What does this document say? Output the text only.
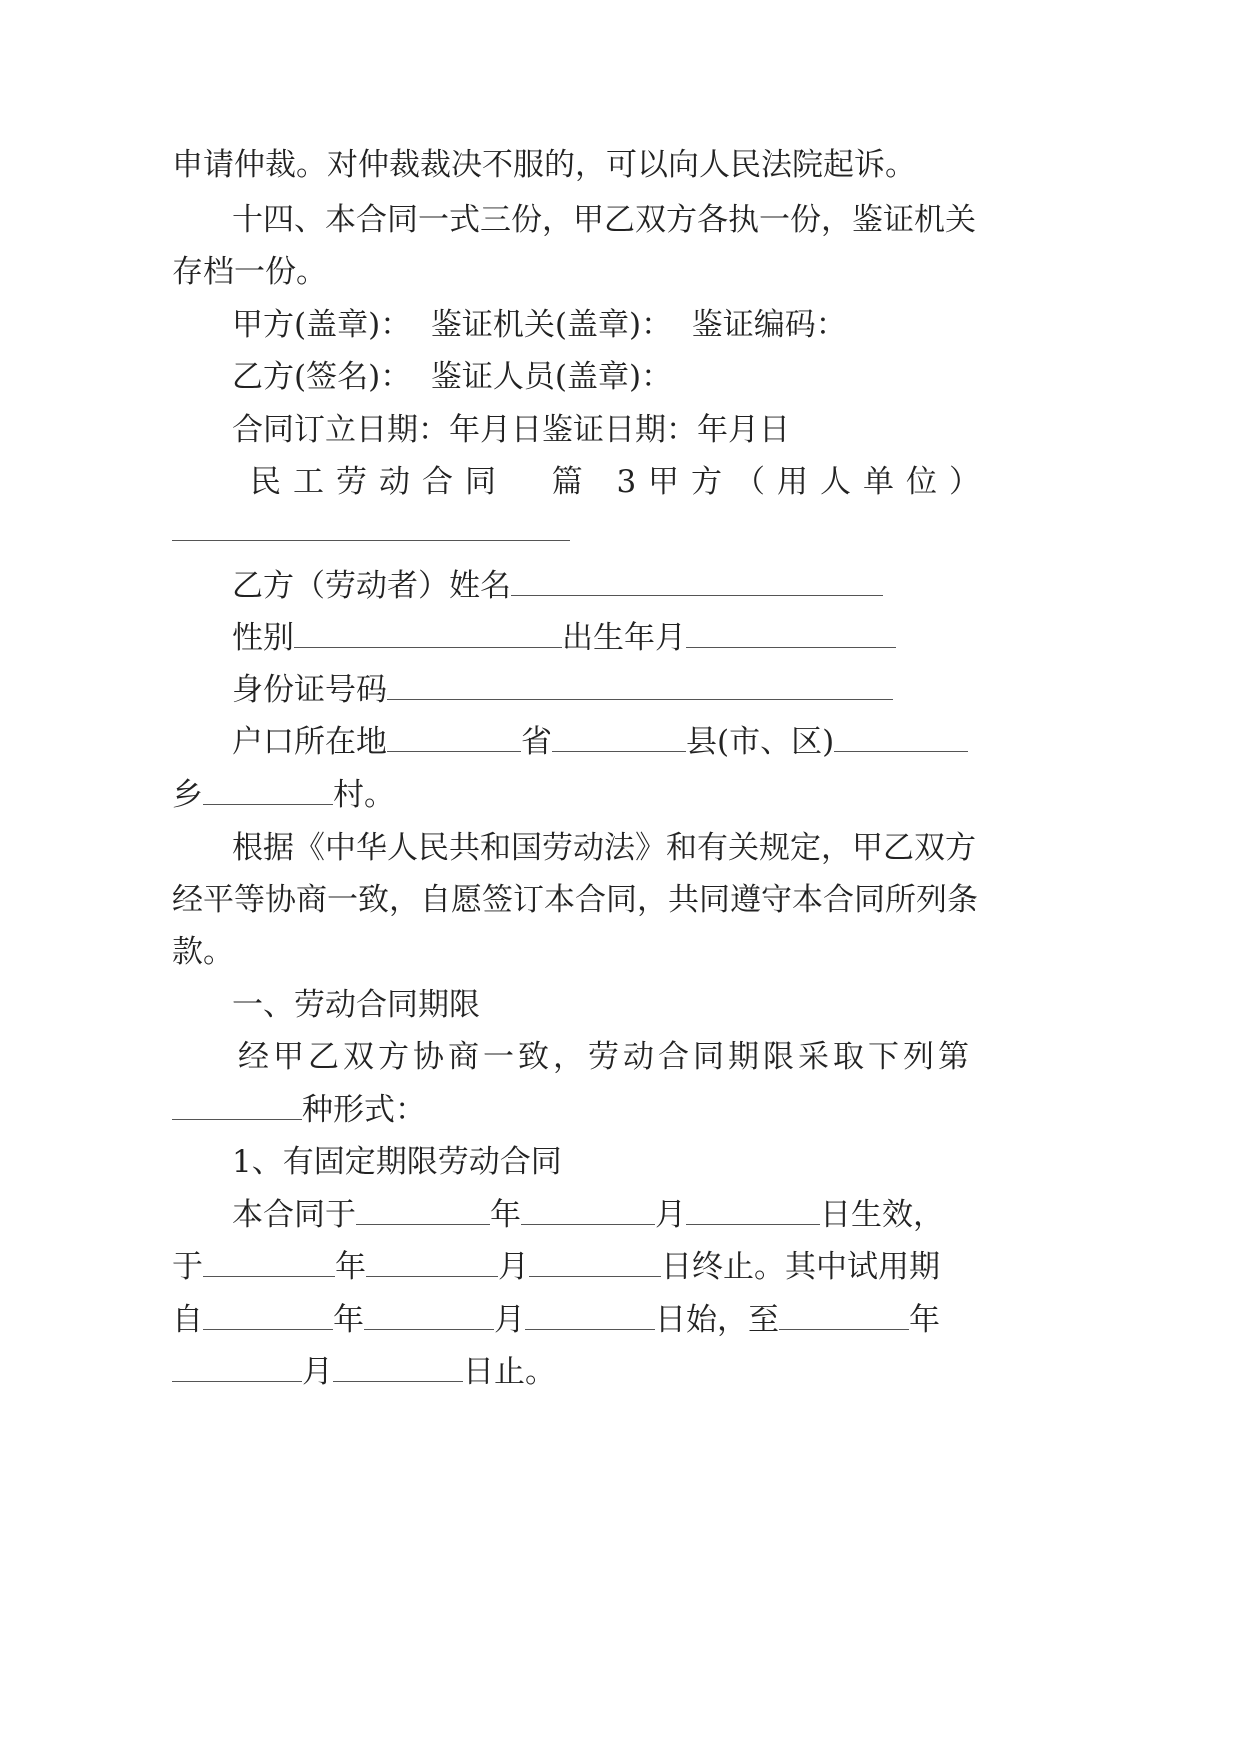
申请仲裁。对仲裁裁决不服的，可以向人民法院起诉。
十四、本合同一式三份，甲乙双方各执一份，鉴证机关
存档一份。
甲方(盖章)：  鉴证机关(盖章)：  鉴证编码：
乙方(签名)：  鉴证人员(盖章)：
合同订立日期：年月日鉴证日期：年月日
民工劳动合同  篇 3 甲方（用人单位）
乙方（劳动者）姓名
性别	出生年月
身份证号码
户口所在地	省	县(市、区)
乡	村。
根据《中华人民共和国劳动法》和有关规定，甲乙双方
经平等协商一致，自愿签订本合同，共同遵守本合同所列条
款。
一、劳动合同期限
经甲乙双方协商一致，劳动合同期限采取下列第
种形式：
1、有固定期限劳动合同
本合同于	年	月	日生效，
于	年	月	日终止。其中试用期
自	年	月	日始，至	年
月	日止。
